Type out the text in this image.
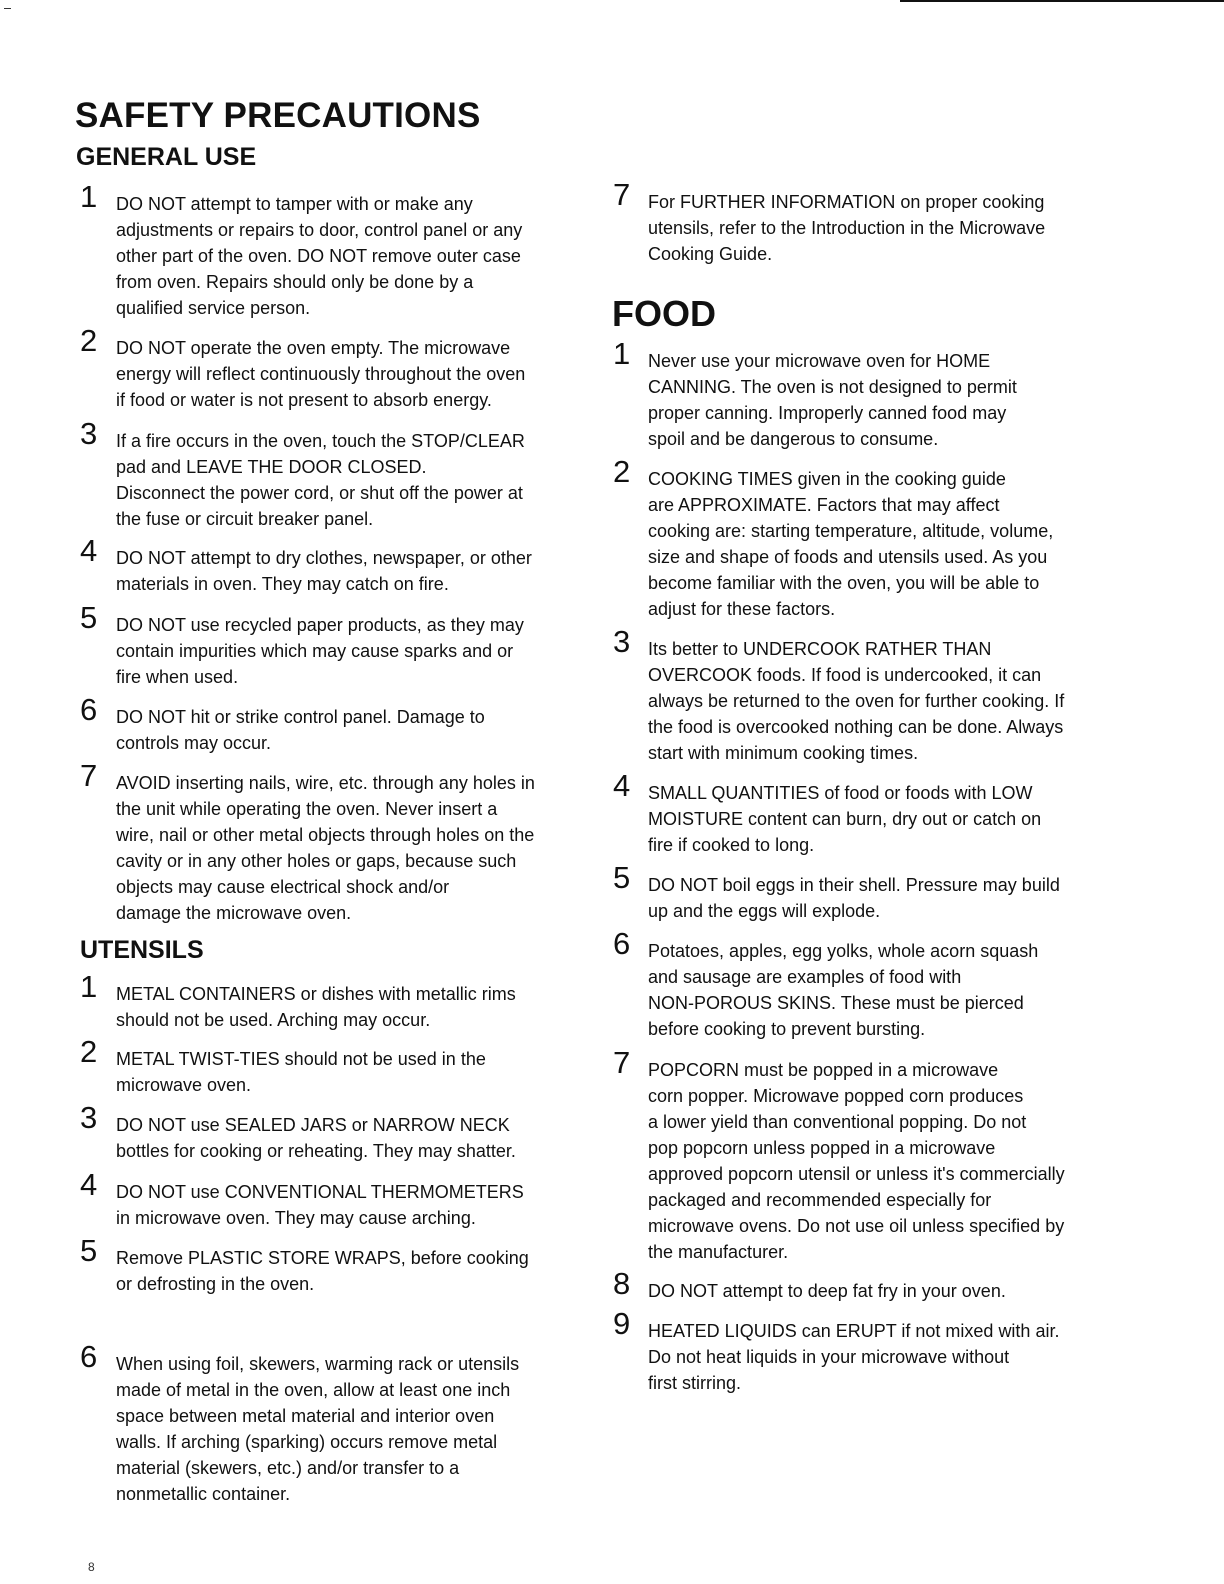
SAFETY PRECAUTIONS
GENERAL USE
UTENSILS
FOOD
1 DO NOT attempt to tamper with or make any
adjustments or repairs to door, control panel or any
other part of the oven. DO NOT remove outer case
from oven. Repairs should only be done by a
qualified service person.

2 DO NOT operate the oven empty. The microwave
energy will reflect continuously throughout the oven
if food or water is not present to absorb energy.

3 If a fire occurs in the oven, touch the STOP/CLEAR
pad and LEAVE THE DOOR CLOSED.
Disconnect the power cord, or shut off the power at
the fuse or circuit breaker panel.

4 DO NOT attempt to dry clothes, newspaper, or other
materials in oven. They may catch on fire.

5 DO NOT use recycled paper products, as they may
contain impurities which may cause sparks and or
fire when used.

6 DO NOT hit or strike control panel. Damage to
controls may occur.

7 AVOID inserting nails, wire, etc. through any holes in
the unit while operating the oven. Never insert a
wire, nail or other metal objects through holes on the
cavity or in any other holes or gaps, because such
objects may cause electrical shock and/or
damage the microwave oven.

1 METAL CONTAINERS or dishes with metallic rims
should not be used. Arching may occur.

2 METAL TWIST-TIES should not be used in the
microwave oven.

3 DO NOT use SEALED JARS or NARROW NECK
bottles for cooking or reheating. They may shatter.

4 DO NOT use CONVENTIONAL THERMOMETERS
in microwave oven. They may cause arching.

5 Remove PLASTIC STORE WRAPS, before cooking
or defrosting in the oven.

6 When using foil, skewers, warming rack or utensils
made of metal in the oven, allow at least one inch
space between metal material and interior oven
walls. If arching (sparking) occurs remove metal
material (skewers, etc.) and/or transfer to a
nonmetallic container.

7 For FURTHER INFORMATION on proper cooking
utensils, refer to the Introduction in the Microwave
Cooking Guide.

1 Never use your microwave oven for HOME
CANNING. The oven is not designed to permit
proper canning. Improperly canned food may
spoil and be dangerous to consume.

2 COOKING TIMES given in the cooking guide
are APPROXIMATE. Factors that may affect
cooking are: starting temperature, altitude, volume,
size and shape of foods and utensils used. As you
become familiar with the oven, you will be able to
adjust for these factors.

3 Its better to UNDERCOOK RATHER THAN
OVERCOOK foods. If food is undercooked, it can
always be returned to the oven for further cooking. If
the food is overcooked nothing can be done. Always
start with minimum cooking times.

4 SMALL QUANTITIES of food or foods with LOW
MOISTURE content can burn, dry out or catch on
fire if cooked to long.

5 DO NOT boil eggs in their shell. Pressure may build
up and the eggs will explode.

6 Potatoes, apples, egg yolks, whole acorn squash
and sausage are examples of food with
NON-POROUS SKINS. These must be pierced
before cooking to prevent bursting.

7 POPCORN must be popped in a microwave
corn popper. Microwave popped corn produces
a lower yield than conventional popping. Do not
pop popcorn unless popped in a microwave
approved popcorn utensil or unless it's commercially
packaged and recommended especially for
microwave ovens. Do not use oil unless specified by
the manufacturer.

8 DO NOT attempt to deep fat fry in your oven.

9 HEATED LIQUIDS can ERUPT if not mixed with air.
Do not heat liquids in your microwave without
first stirring.

8
